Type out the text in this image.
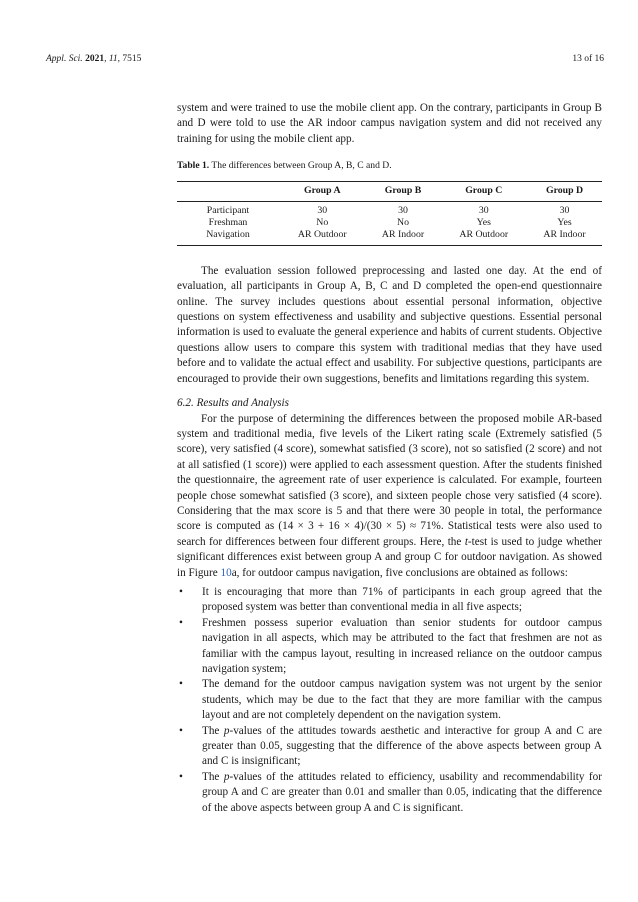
Appl. Sci. 2021, 11, 7515	13 of 16

system and were trained to use the mobile client app. On the contrary, participants in Group B and D were told to use the AR indoor campus navigation system and did not received any training for using the mobile client app.

Table 1. The differences between Group A, B, C and D.

	Group A	Group B	Group C	Group D
Participant	30	30	30	30
Freshman	No	No	Yes	Yes
Navigation	AR Outdoor	AR Indoor	AR Outdoor	AR Indoor

The evaluation session followed preprocessing and lasted one day. At the end of evaluation, all participants in Group A, B, C and D completed the open-end questionnaire online. The survey includes questions about essential personal information, objective questions on system effectiveness and usability and subjective questions. Essential personal information is used to evaluate the general experience and habits of current students. Objective questions allow users to compare this system with traditional medias that they have used before and to validate the actual effect and usability. For subjective questions, participants are encouraged to provide their own suggestions, benefits and limitations regarding this system.

6.2. Results and Analysis

For the purpose of determining the differences between the proposed mobile AR-based system and traditional media, five levels of the Likert rating scale (Extremely satisfied (5 score), very satisfied (4 score), somewhat satisfied (3 score), not so satisfied (2 score) and not at all satisfied (1 score)) were applied to each assessment question. After the students finished the questionnaire, the agreement rate of user experience is calculated. For example, fourteen people chose somewhat satisfied (3 score), and sixteen people chose very satisfied (4 score). Considering that the max score is 5 and that there were 30 people in total, the performance score is computed as (14 × 3 + 16 × 4)/(30 × 5) ≈ 71%. Statistical tests were also used to search for differences between four different groups. Here, the t-test is used to judge whether significant differences exist between group A and group C for outdoor navigation. As showed in Figure 10a, for outdoor campus navigation, five conclusions are obtained as follows:

• It is encouraging that more than 71% of participants in each group agreed that the proposed system was better than conventional media in all five aspects;
• Freshmen possess superior evaluation than senior students for outdoor campus navigation in all aspects, which may be attributed to the fact that freshmen are not as familiar with the campus layout, resulting in increased reliance on the outdoor campus navigation system;
• The demand for the outdoor campus navigation system was not urgent by the senior students, which may be due to the fact that they are more familiar with the campus layout and are not completely dependent on the navigation system.
• The p-values of the attitudes towards aesthetic and interactive for group A and C are greater than 0.05, suggesting that the difference of the above aspects between group A and C is insignificant;
• The p-values of the attitudes related to efficiency, usability and recommendability for group A and C are greater than 0.01 and smaller than 0.05, indicating that the difference of the above aspects between group A and C is significant.
